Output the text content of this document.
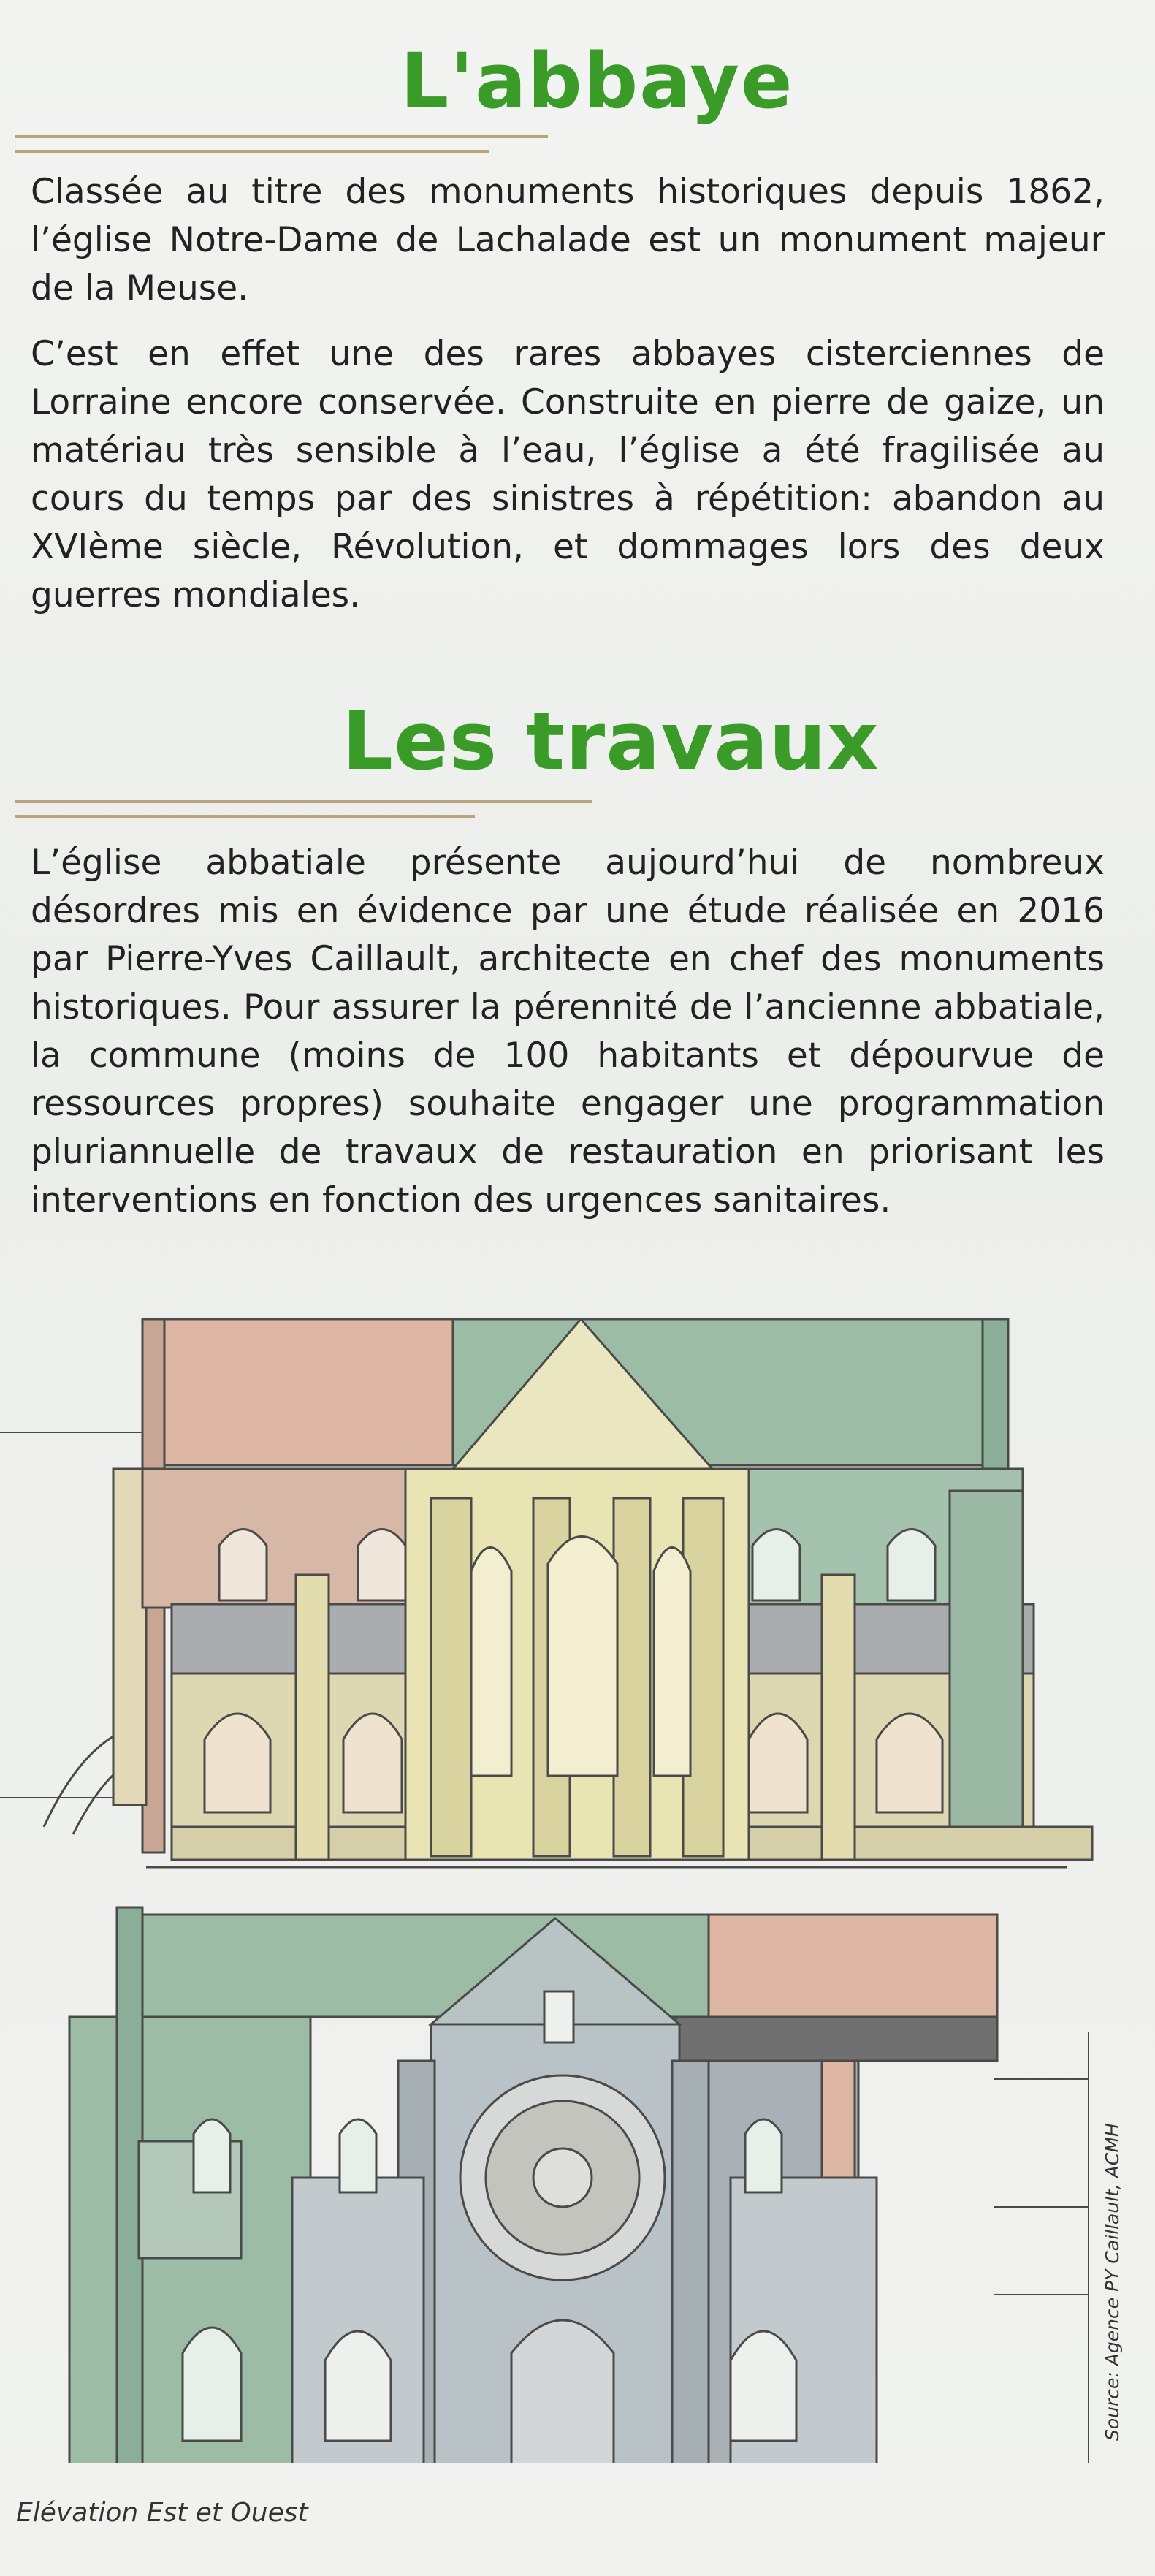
L'abbaye

Classée au titre des monuments historiques depuis 1862, l’église Notre-Dame de Lachalade est un monument majeur de la Meuse.

C’est en effet une des rares abbayes cisterciennes de Lorraine encore conservée. Construite en pierre de gaize, un matériau très sensible à l’eau, l’église a été fragilisée au cours du temps par des sinistres à répétition: abandon au XVIème siècle, Révolution, et dommages lors des deux guerres mondiales.

Les travaux

L’église abbatiale présente aujourd’hui de nombreux désordres mis en évidence par une étude réalisée en 2016 par Pierre-Yves Caillault, architecte en chef des monuments historiques. Pour assurer la pérennité de l’ancienne abbatiale, la commune (moins de 100 habitants et dépourvue de ressources propres) souhaite engager une programmation pluriannuelle de travaux de restauration en priorisant les interventions en fonction des urgences sanitaires.

Elévation Est et Ouest

Source: Agence PY Caillault, ACMH
